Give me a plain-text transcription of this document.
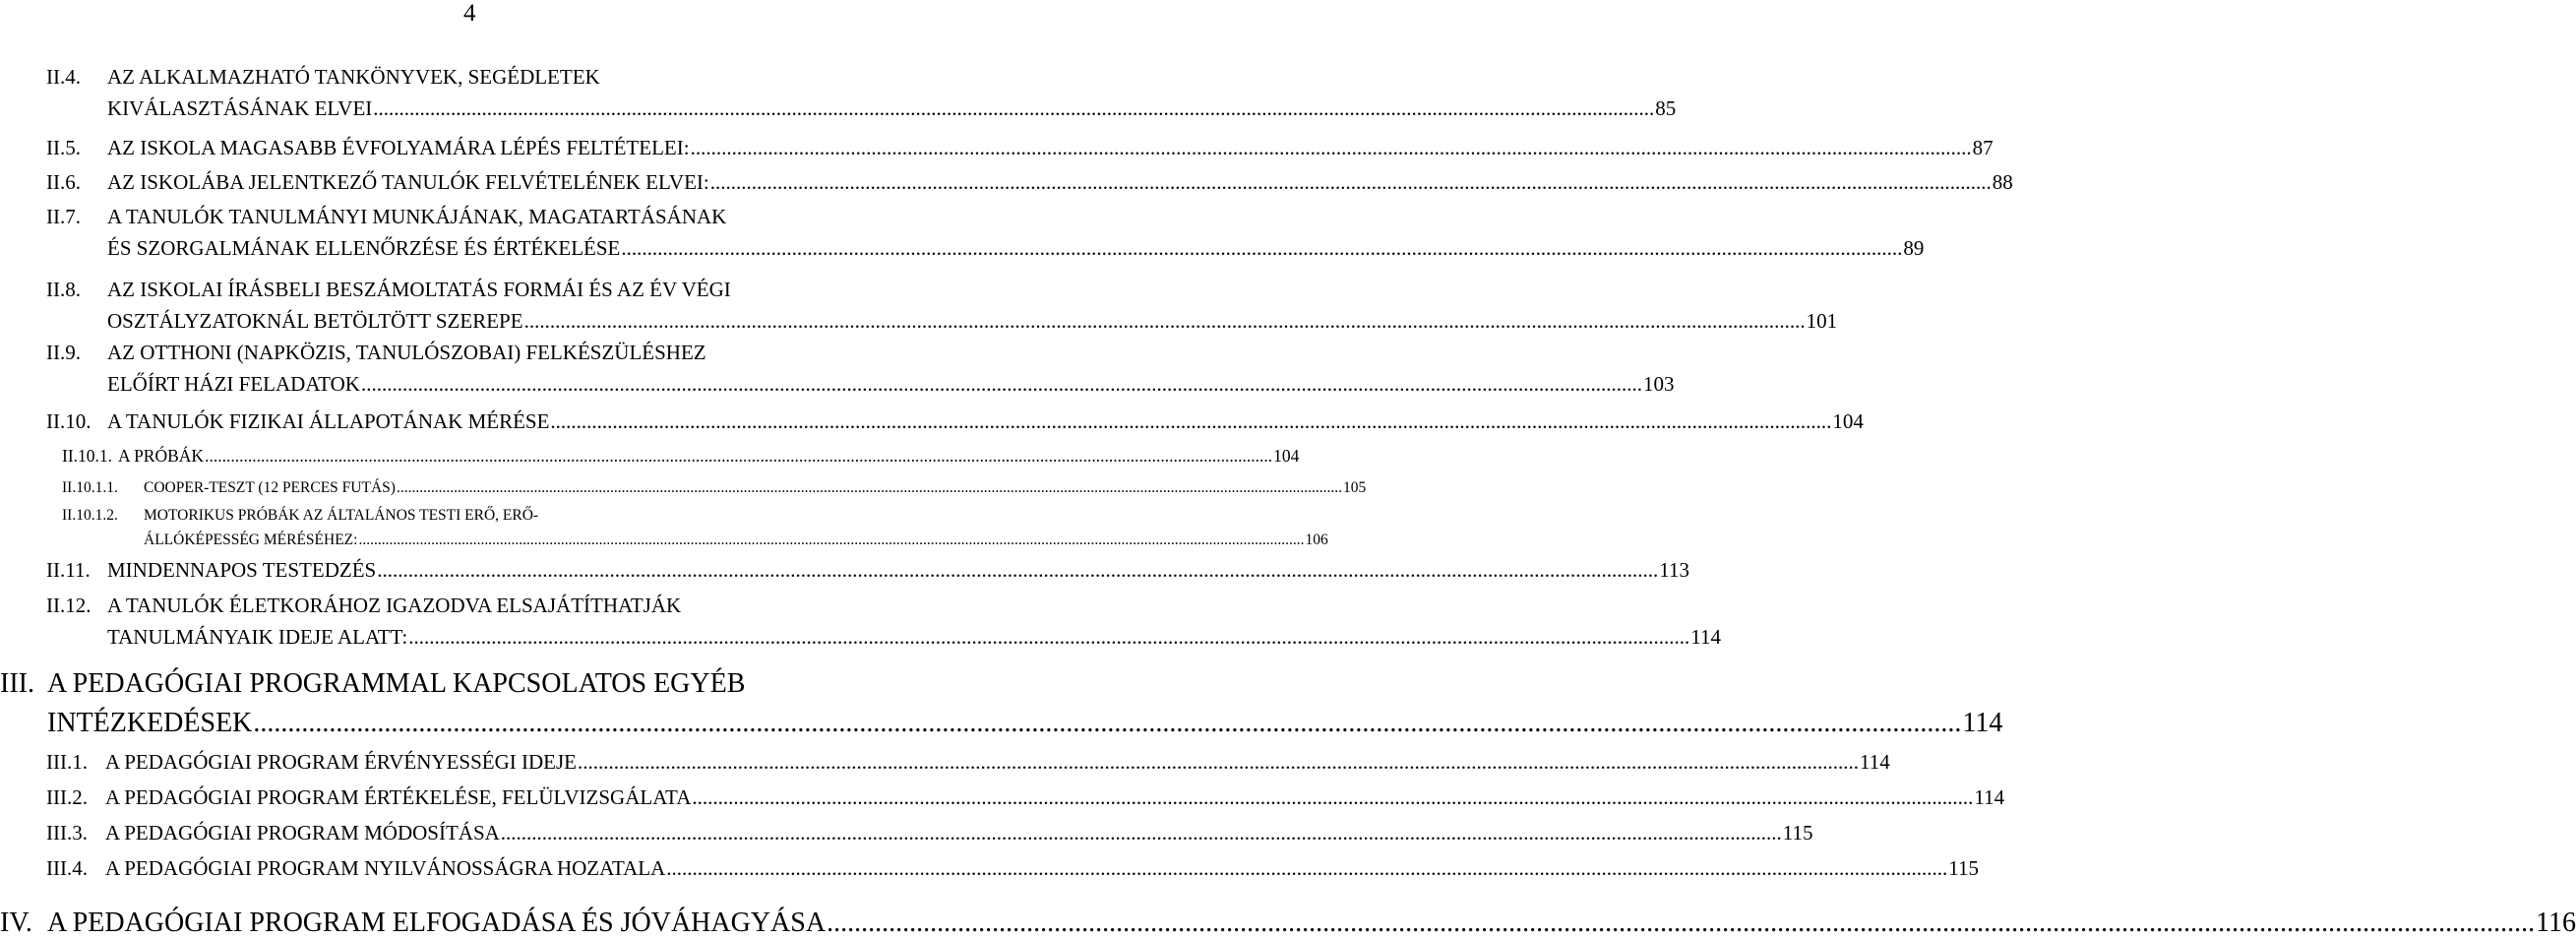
4
II.4. AZ ALKALMAZHATÓ TANKÖNYVEK, SEGÉDLETEK
KIVÁLASZTÁSÁNAK ELVEI .....	85
II.5. AZ ISKOLA MAGASABB ÉVFOLYAMÁRA LÉPÉS FELTÉTELEI: .....	87
II.6. AZ ISKOLÁBA JELENTKEZŐ TANULÓK FELVÉTELÉNEK ELVEI: .....	88
II.7. A TANULÓK TANULMÁNYI MUNKÁJÁNAK, MAGATARTÁSÁNAK
ÉS SZORGALMÁNAK ELLENŐRZÉSE ÉS ÉRTÉKELÉSE .....	89
II.8. AZ ISKOLAI ÍRÁSBELI BESZÁMOLTATÁS FORMÁI ÉS AZ ÉV VÉGI
OSZTÁLYZATOKNÁL BETÖLTÖTT SZEREPE .....	101
II.9. AZ OTTHONI (NAPKÖZIS, TANULÓSZOBAI) FELKÉSZÜLÉSHEZ
ELŐÍRT HÁZI FELADATOK .....	103
II.10. A TANULÓK FIZIKAI ÁLLAPOTÁNAK MÉRÉSE .....	104
II.10.1. A PRÓBÁK .....	104
II.10.1.1. COOPER-TESZT (12 PERCES FUTÁS) .....	105
II.10.1.2. MOTORIKUS PRÓBÁK AZ ÁLTALÁNOS TESTI ERŐ, ERŐ-
ÁLLÓKÉPESSÉG MÉRÉSÉHEZ: .....	106
II.11. MINDENNAPOS TESTEDZÉS .....	113
II.12. A TANULÓK ÉLETKORÁHOZ IGAZODVA ELSAJÁTÍTHATJÁK
TANULMÁNYAIK IDEJE ALATT: .....	114
III. A PEDAGÓGIAI PROGRAMMAL KAPCSOLATOS EGYÉB
INTÉZKEDÉSEK .....	114
III.1. A PEDAGÓGIAI PROGRAM ÉRVÉNYESSÉGI IDEJE .....	114
III.2. A PEDAGÓGIAI PROGRAM ÉRTÉKELÉSE, FELÜLVIZSGÁLATA .....	114
III.3. A PEDAGÓGIAI PROGRAM MÓDOSÍTÁSA .....	115
III.4. A PEDAGÓGIAI PROGRAM NYILVÁNOSSÁGRA HOZATALA .....	115
IV. A PEDAGÓGIAI PROGRAM ELFOGADÁSA ÉS JÓVÁHAGYÁSA .....	116
